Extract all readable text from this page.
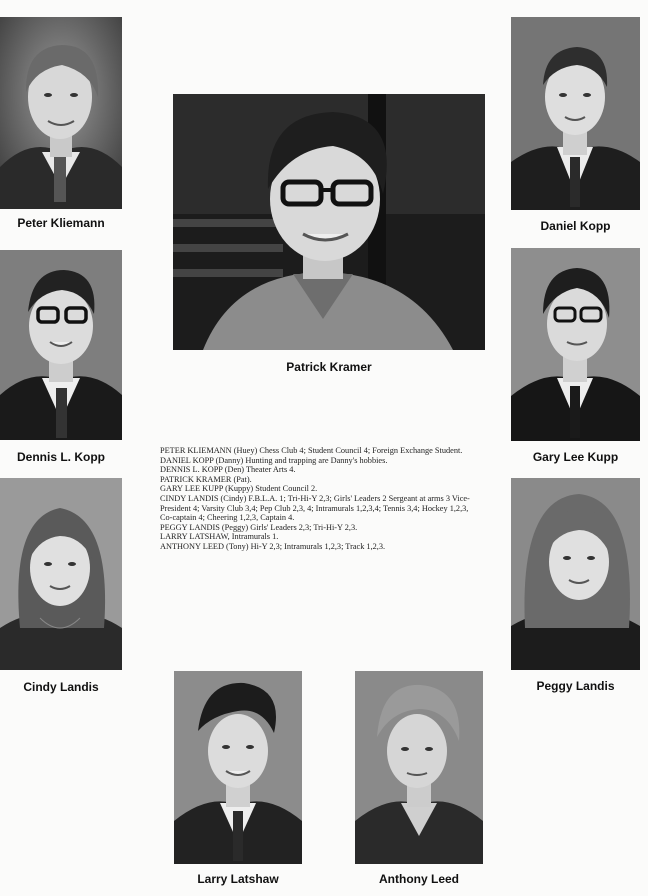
Peter Kliemann	Daniel Kopp
Patrick Kramer
Dennis L. Kopp	Gary Lee Kupp
Cindy Landis	Peggy Landis
Larry Latshaw	Anthony Leed
PETER KLIEMANN (Huey) Chess Club 4; Student Council 4; Foreign Exchange Student.
DANIEL KOPP (Danny) Hunting and trapping are Danny's hobbies.
DENNIS L. KOPP (Den) Theater Arts 4.
PATRICK KRAMER (Pat).
GARY LEE KUPP (Kuppy) Student Council 2.
CINDY LANDIS (Cindy) F.B.L.A. 1; Tri-Hi-Y 2,3; Girls' Leaders 2 Sergeant at arms 3 Vice-President 4; Varsity Club 3,4; Pep Club 2,3, 4; Intramurals 1,2,3,4; Tennis 3,4; Hockey 1,2,3, Co-captain 4; Cheering 1,2,3, Captain 4.
PEGGY LANDIS (Peggy) Girls' Leaders 2,3; Tri-Hi-Y 2,3.
LARRY LATSHAW, Intramurals 1.
ANTHONY LEED (Tony) Hi-Y 2,3; Intramurals 1,2,3; Track 1,2,3.
